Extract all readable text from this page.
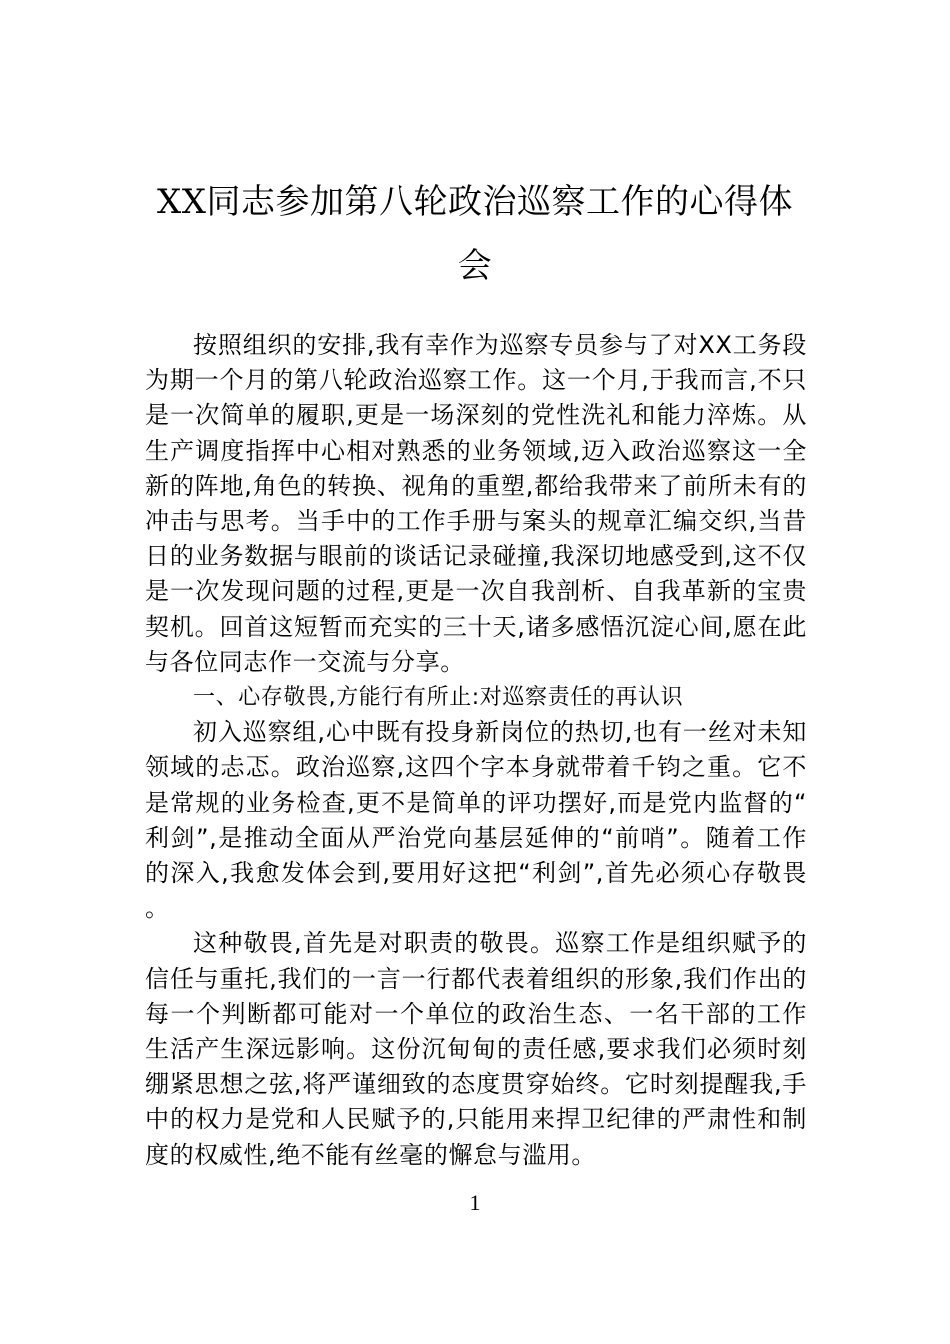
XX同志参加第八轮政治巡察工作的心得体会

按照组织的安排,我有幸作为巡察专员参与了对XX工务段为期一个月的第八轮政治巡察工作。这一个月,于我而言,不只是一次简单的履职,更是一场深刻的党性洗礼和能力淬炼。从生产调度指挥中心相对熟悉的业务领域,迈入政治巡察这一全新的阵地,角色的转换、视角的重塑,都给我带来了前所未有的冲击与思考。当手中的工作手册与案头的规章汇编交织,当昔日的业务数据与眼前的谈话记录碰撞,我深切地感受到,这不仅是一次发现问题的过程,更是一次自我剖析、自我革新的宝贵契机。回首这短暂而充实的三十天,诸多感悟沉淀心间,愿在此与各位同志作一交流与分享。

一、心存敬畏,方能行有所止:对巡察责任的再认识

初入巡察组,心中既有投身新岗位的热切,也有一丝对未知领域的忐忑。政治巡察,这四个字本身就带着千钧之重。它不是常规的业务检查,更不是简单的评功摆好,而是党内监督的“利剑”,是推动全面从严治党向基层延伸的“前哨”。随着工作的深入,我愈发体会到,要用好这把“利剑”,首先必须心存敬畏。

这种敬畏,首先是对职责的敬畏。巡察工作是组织赋予的信任与重托,我们的一言一行都代表着组织的形象,我们作出的每一个判断都可能对一个单位的政治生态、一名干部的工作生活产生深远影响。这份沉甸甸的责任感,要求我们必须时刻绷紧思想之弦,将严谨细致的态度贯穿始终。它时刻提醒我,手中的权力是党和人民赋予的,只能用来捍卫纪律的严肃性和制度的权威性,绝不能有丝毫的懈怠与滥用。

1
